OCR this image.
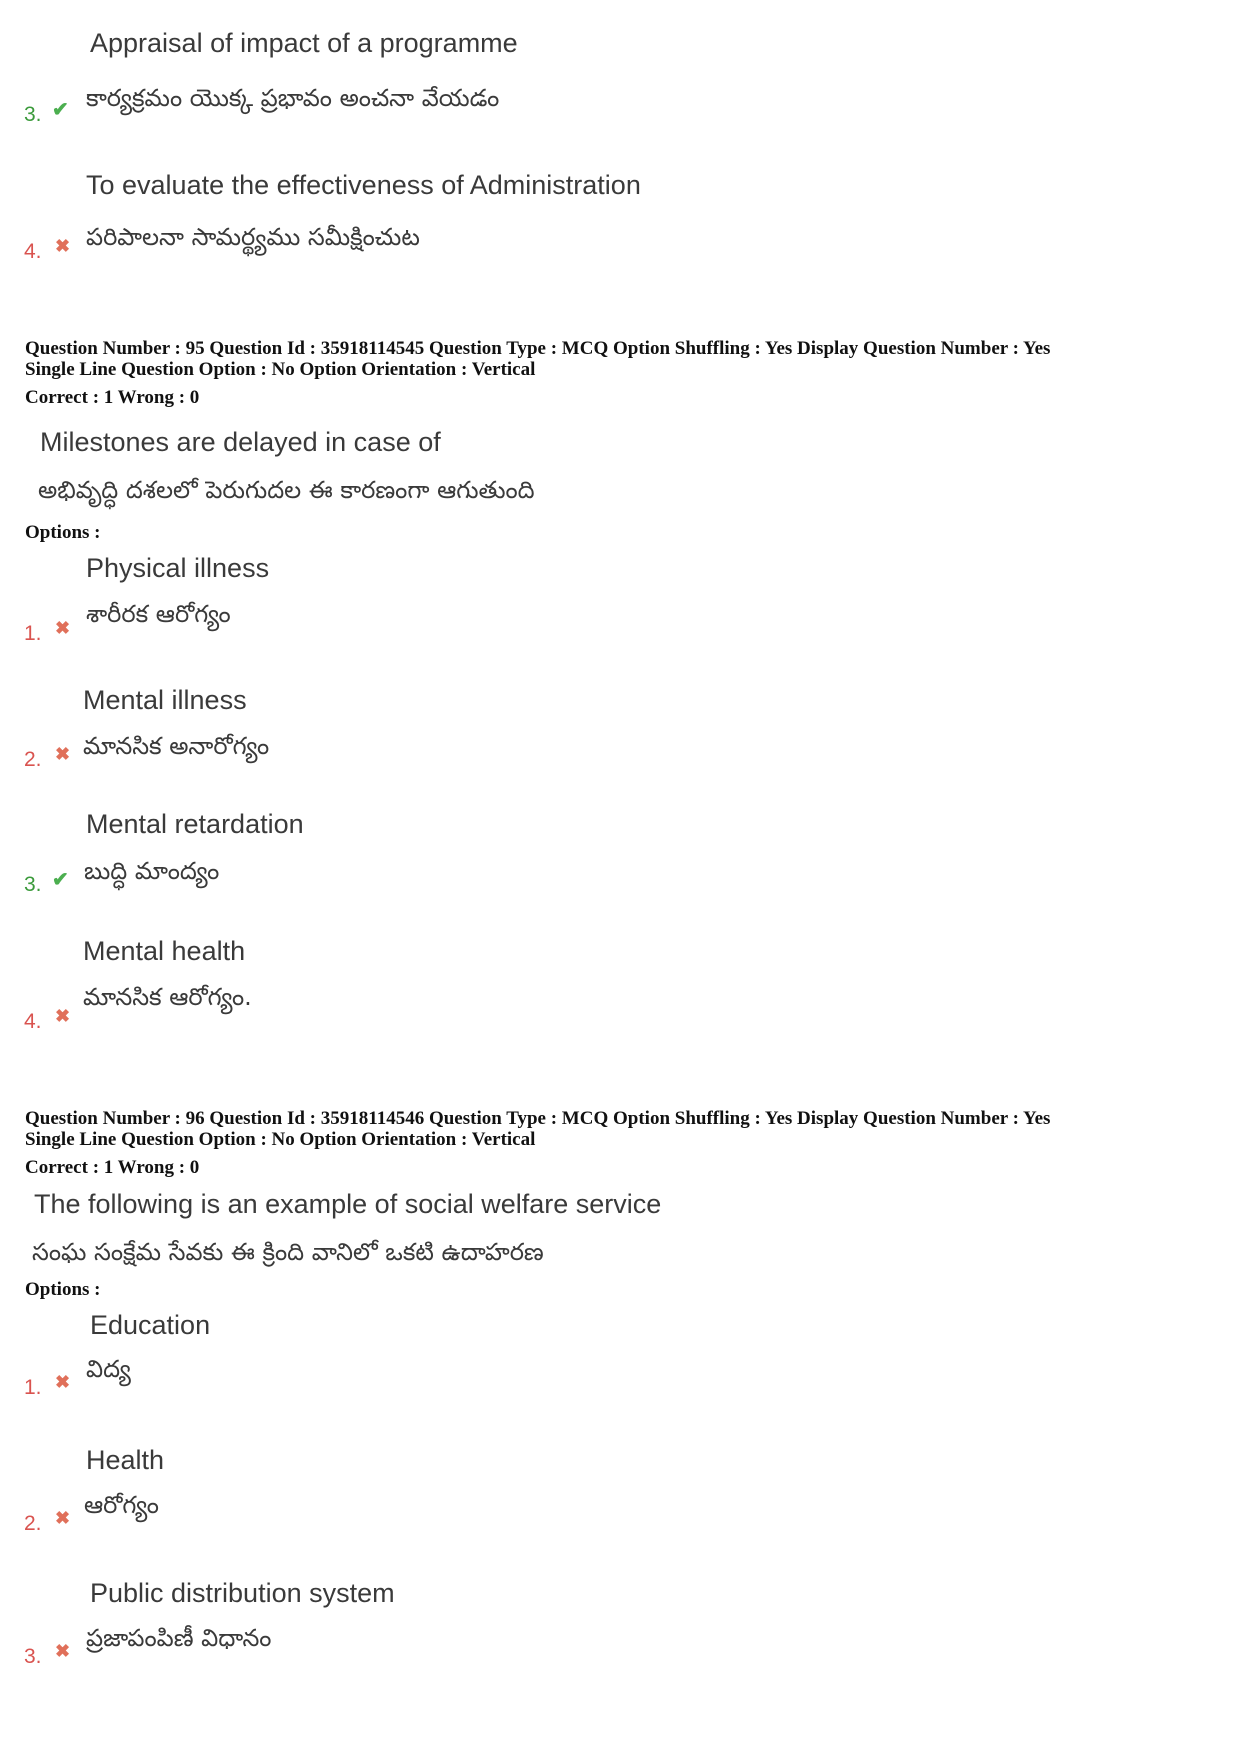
Appraisal of impact of a programme
3. ✔ కార్యక్రమం యొక్క ప్రభావం అంచనా వేయడం
To evaluate the effectiveness of Administration
4. ✖ పరిపాలనా సామర్థ్యము సమీక్షించుట
Question Number : 95 Question Id : 35918114545 Question Type : MCQ Option Shuffling : Yes Display Question Number : Yes
Single Line Question Option : No Option Orientation : Vertical
Correct : 1 Wrong : 0
Milestones are delayed in case of
అభివృద్ధి దశలలో పెరుగుదల ఈ కారణంగా ఆగుతుంది
Options :
Physical illness
1. ✖ శారీరక ఆరోగ్యం
Mental illness
2. ✖ మానసిక అనారోగ్యం
Mental retardation
3. ✔ బుద్ధి మాంద్యం
Mental health
4. ✖
మానసిక ఆరోగ్యం.
Question Number : 96 Question Id : 35918114546 Question Type : MCQ Option Shuffling : Yes Display Question Number : Yes
Single Line Question Option : No Option Orientation : Vertical
Correct : 1 Wrong : 0
The following is an example of social welfare service
సంఘ సంక్షేమ సేవకు ఈ క్రింది వానిలో ఒకటి ఉదాహరణ
Options :
Education
1. ✖ విద్య
Health
2. ✖ ఆరోగ్యం
Public distribution system
3. ✖ ప్రజాపంపిణీ విధానం
